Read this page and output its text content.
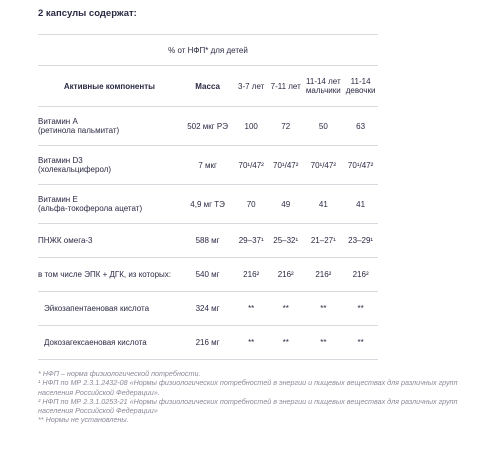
2 капсулы содержат:
% от НФП* для детей					
Активные компоненты	Масса	3-7 лет	7-11 лет	11-14 лет мальчики	11-14 девочки

Витамин А
(ретинола пальмитат)	502 мкг РЭ	100	72	50	63

Витамин D3
(холекальциферол)	7 мкг	70¹/47²	70¹/47²	70¹/47²	70¹/47²

Витамин Е
(альфа-токоферола ацетат)	4,9 мг ТЭ	70	49	41	41
ПНЖК омега-3	588 мг	29–37¹	25–32¹	21–27¹	23–29¹
в том числе ЭПК + ДГК, из которых:	540 мг	216²	216²	216²	216²
Эйкозапентаеновая кислота	324 мг	**	**	**	**
Докозагексаеновая кислота	216 мг	**	**	**	**
* НФП – норма физиологической потребности.
¹ НФП по МР 2.3.1.2432-08 «Нормы физиологических потребностей в энергии и пищевых веществах для различных групп населения Российской Федерации».
² НФП по МР 2.3.1.0253-21 «Нормы физиологических потребностей в энергии и пищевых веществах для различных групп населения Российской Федерации»
** Нормы не установлены.
